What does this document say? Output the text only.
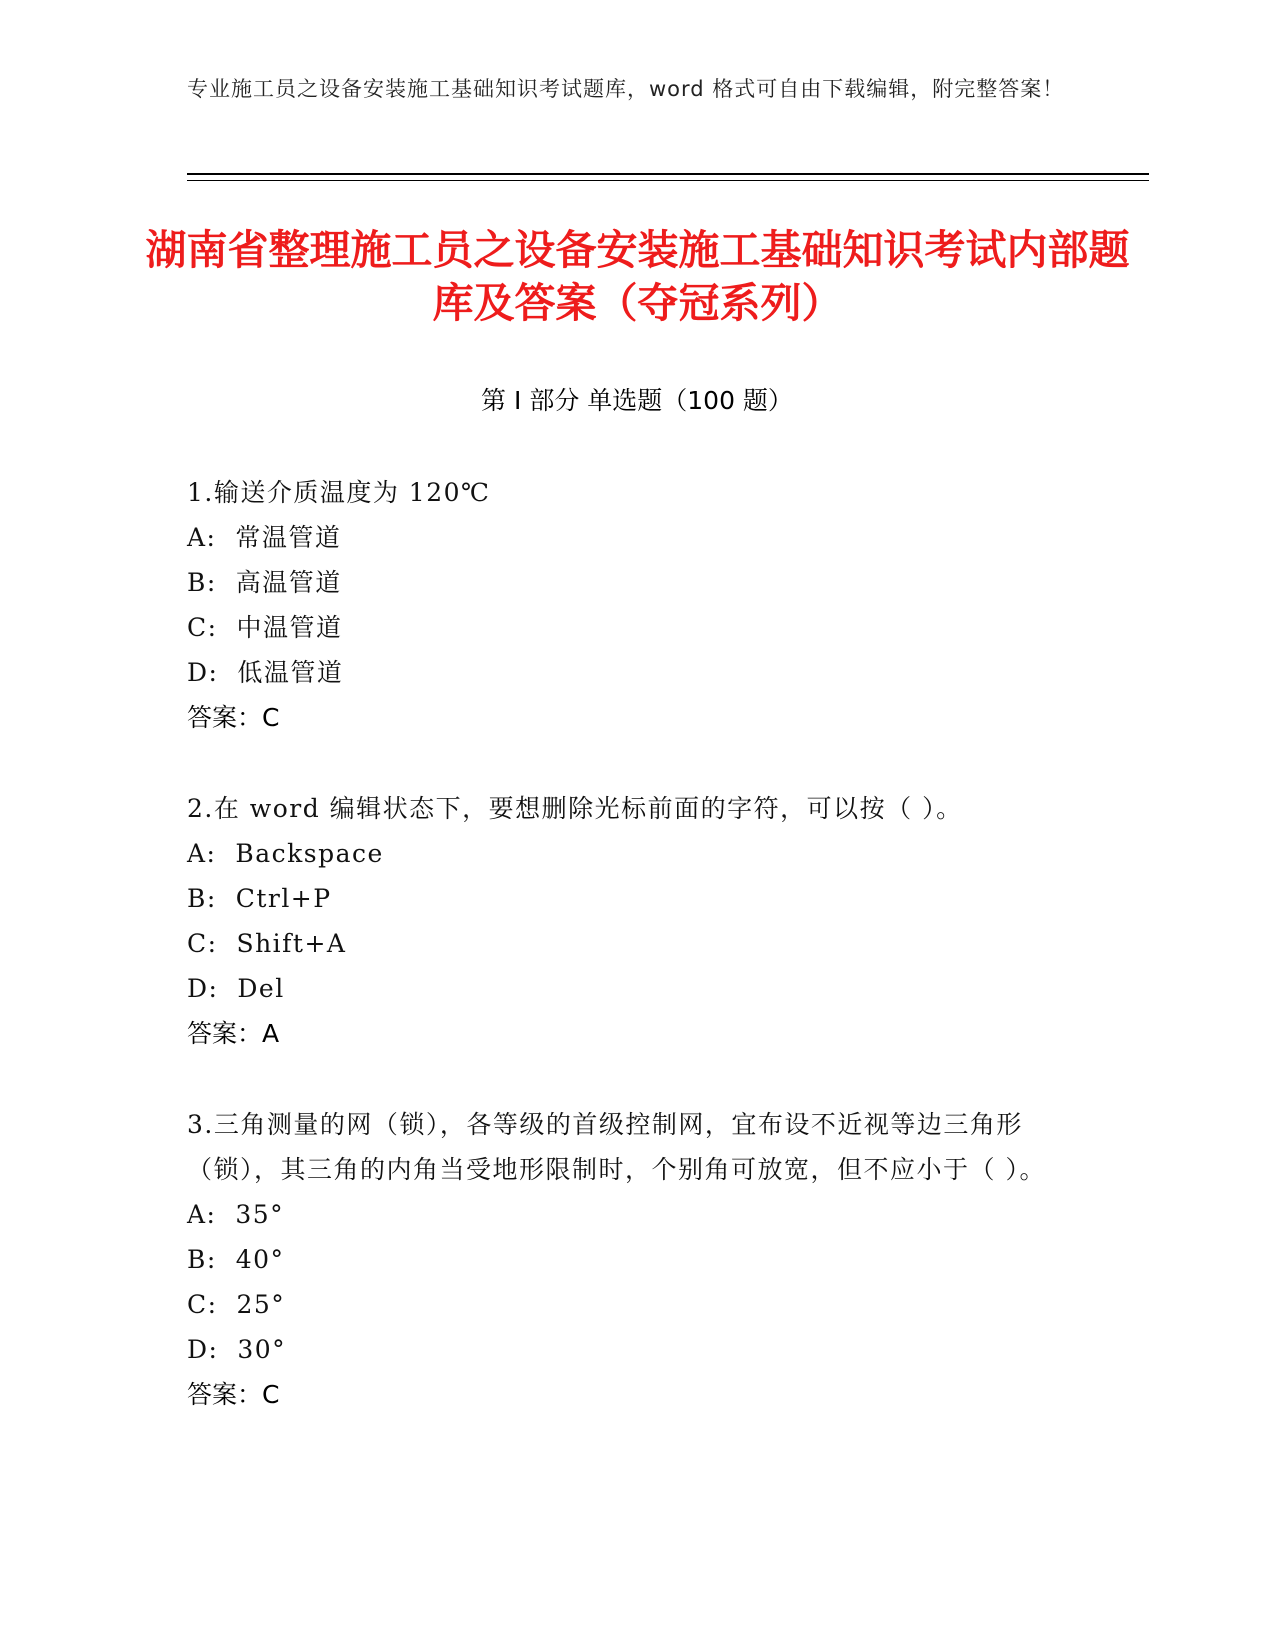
专业施工员之设备安装施工基础知识考试题库，word 格式可自由下载编辑，附完整答案！
湖南省整理施工员之设备安装施工基础知识考试内部题库及答案（夺冠系列）
第 I 部分 单选题（100 题）
1.输送介质温度为 120℃
A:  常温管道
B:  高温管道
C:  中温管道
D:  低温管道
答案：C
2.在 word 编辑状态下，要想删除光标前面的字符，可以按（ ）。
A:  Backspace
B:  Ctrl+P
C:  Shift+A
D:  Del
答案：A
3.三角测量的网（锁），各等级的首级控制网，宜布设不近视等边三角形（锁），其三角的内角当受地形限制时，个别角可放宽，但不应小于（ ）。
A:  35°
B:  40°
C:  25°
D:  30°
答案：C
